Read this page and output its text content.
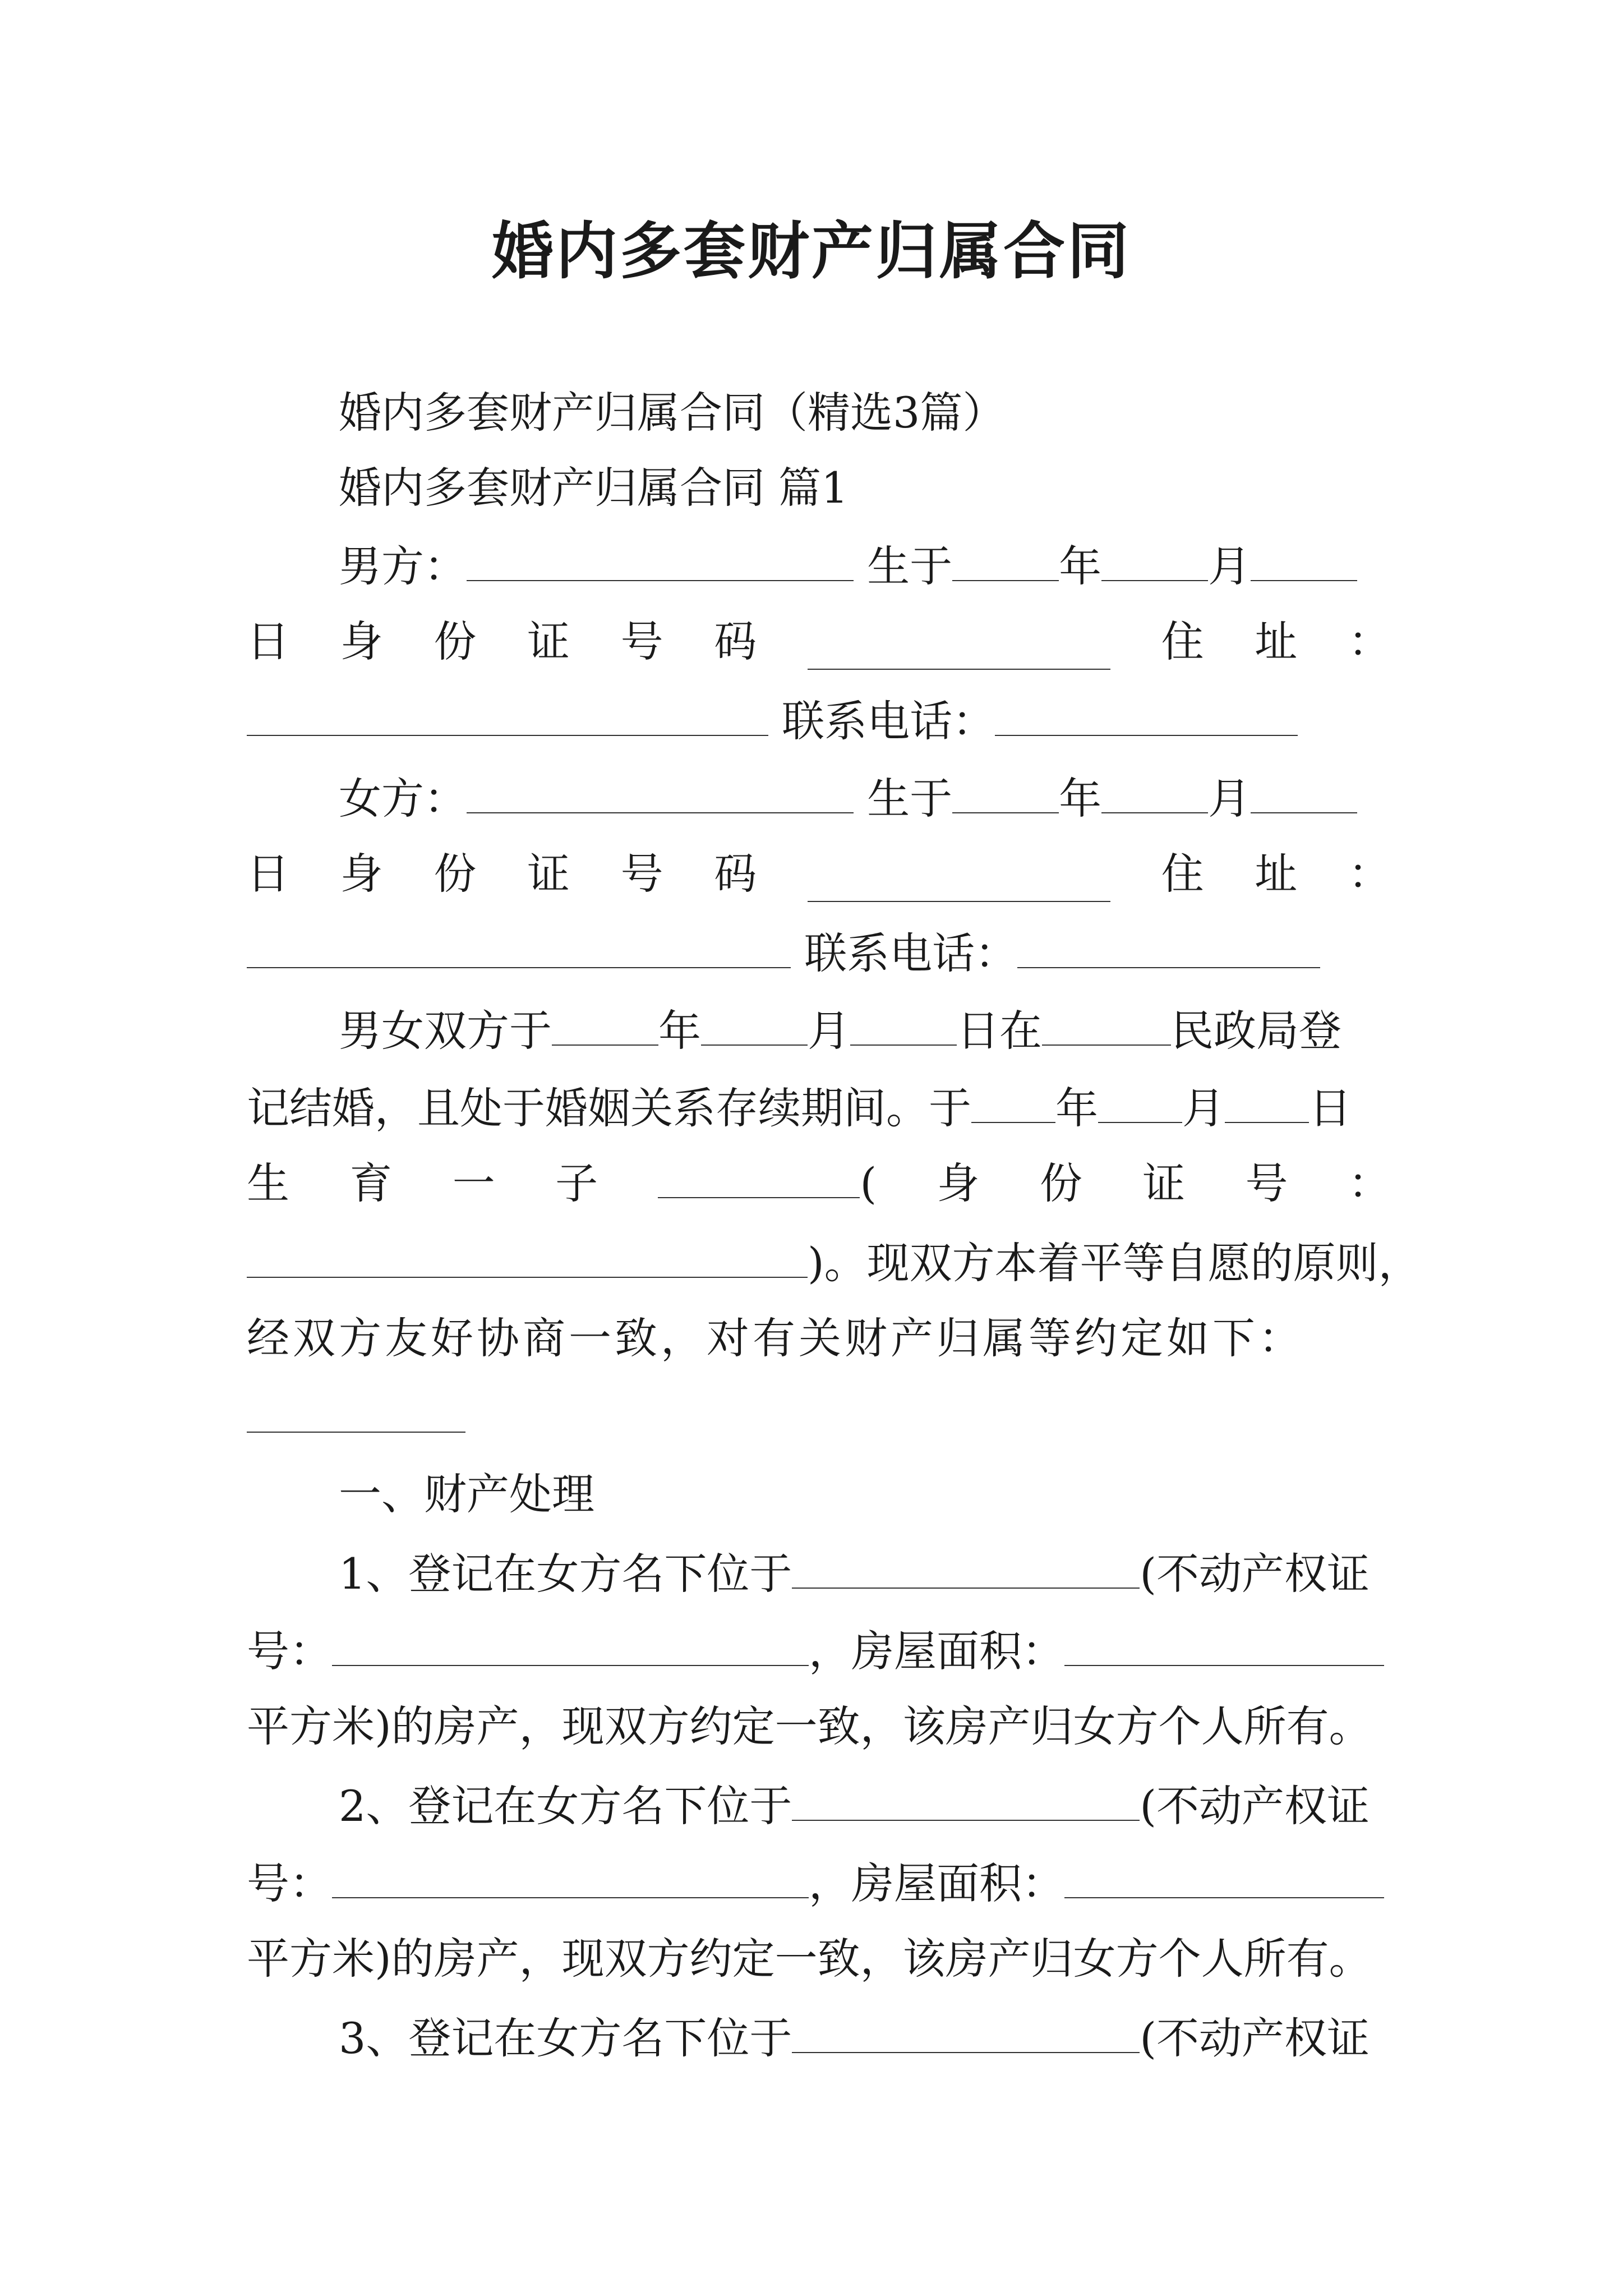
婚内多套财产归属合同
婚内多套财产归属合同（精选3篇）
婚内多套财产归属合同 篇1
男方：	生于	年	月
日 身 份 证 号 码	住 址 ：
联系电话：
女方：	生于	年	月
日 身 份 证 号 码	住 址 ：
联系电话：
男女双方于	年	月	日在	民政局登
记结婚，且处于婚姻关系存续期间。于 年 月 日
生 育 一 子	( 身 份 证 号 ：
)。现双方本着平等自愿的原则，
经双方友好协商一致，对有关财产归属等约定如下：
一、财产处理
1、登记在女方名下位于	(不动产权证
号：	，房屋面积：
平方米)的房产，现双方约定一致，该房产归女方个人所有。
2、登记在女方名下位于	(不动产权证
号：	，房屋面积：
平方米)的房产，现双方约定一致，该房产归女方个人所有。
3、登记在女方名下位于	(不动产权证
